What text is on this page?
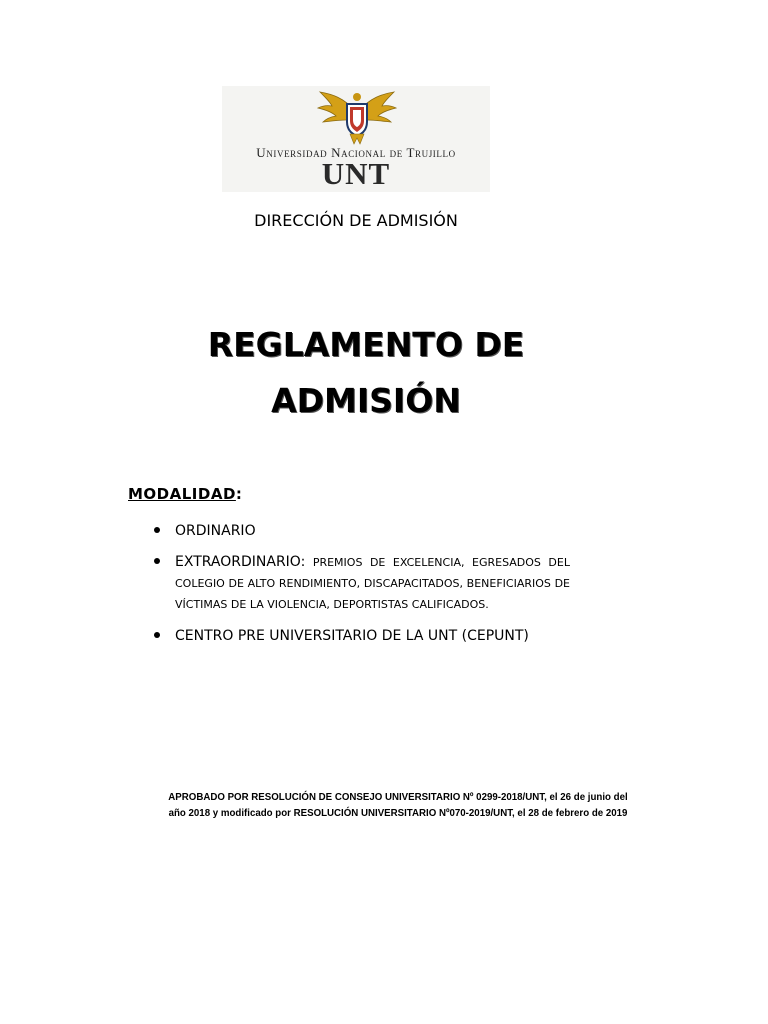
Universidad Nacional de Trujillo
UNT
DIRECCIÓN DE ADMISIÓN
REGLAMENTO DE
ADMISIÓN
MODALIDAD:
ORDINARIO
EXTRAORDINARIO: PREMIOS DE EXCELENCIA, EGRESADOS DEL COLEGIO DE ALTO RENDIMIENTO, DISCAPACITADOS, BENEFICIARIOS DE VÍCTIMAS DE LA VIOLENCIA, DEPORTISTAS CALIFICADOS.
CENTRO PRE UNIVERSITARIO DE LA UNT (CEPUNT)
APROBADO POR RESOLUCIÓN DE CONSEJO UNIVERSITARIO Nº 0299-2018/UNT, el 26 de junio del año 2018 y modificado por RESOLUCIÓN UNIVERSITARIO Nº070-2019/UNT, el 28 de febrero de 2019
